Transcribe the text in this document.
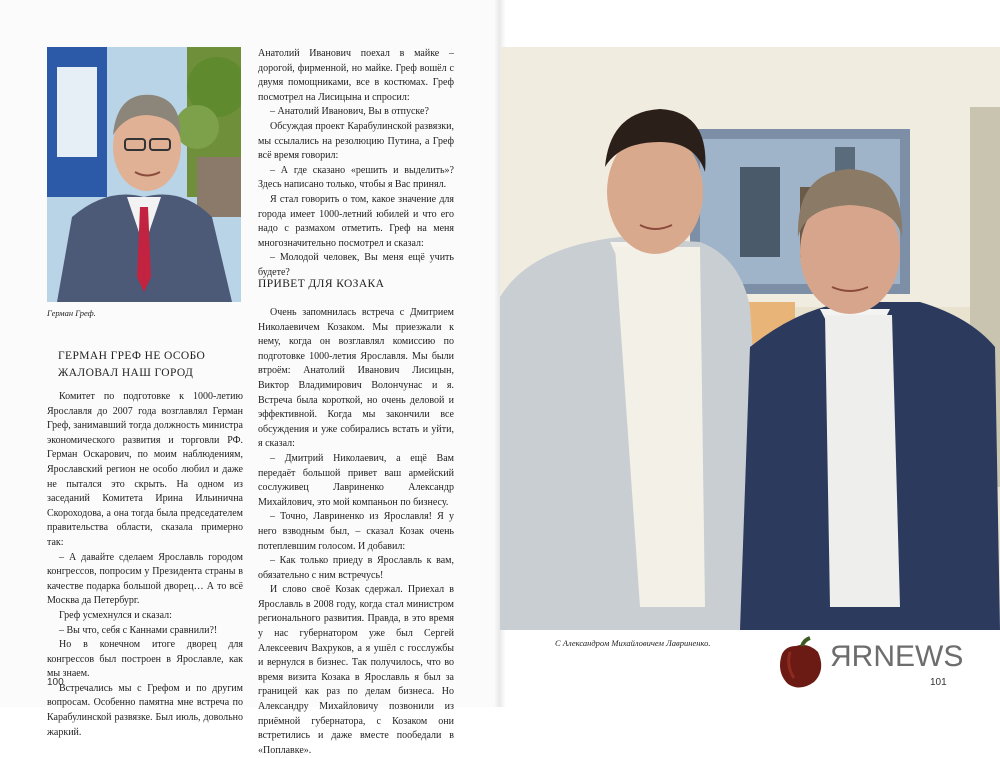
Герман Греф.
ГЕРМАН ГРЕФ НЕ ОСОБО
ЖАЛОВАЛ НАШ ГОРОД

Комитет по подготовке к 1000-летию Ярославля до 2007 года возглавлял Герман Греф, занимавший тогда должность министра экономического развития и торговли РФ. Герман Оскарович, по моим наблюдениям, Ярославский регион не особо любил и даже не пытался это скрыть. На одном из заседаний Комитета Ирина Ильинична Скороходова, а она тогда была председателем правительства области, сказала примерно так:

– А давайте сделаем Ярославль городом конгрессов, попросим у Президента страны в качестве подарка большой дворец… А то всё Москва да Петербург.

Греф усмехнулся и сказал:

– Вы что, себя с Каннами сравнили?!

Но в конечном итоге дворец для конгрессов был построен в Ярославле, как мы знаем.

Встречались мы с Грефом и по другим вопросам. Особенно памятна мне встреча по Карабулинской развязке. Был июль, довольно жаркий.

Анатолий Иванович поехал в майке – дорогой, фирменной, но майке. Греф вошёл с двумя помощниками, все в костюмах. Греф посмотрел на Лисицына и спросил:

– Анатолий Иванович, Вы в отпуске?

Обсуждая проект Карабулинской развязки, мы ссылались на резолюцию Путина, а Греф всё время говорил:

– А где сказано «решить и выделить»? Здесь написано только, чтобы я Вас принял.

Я стал говорить о том, какое значение для города имеет 1000-летний юбилей и что его надо с размахом отметить. Греф на меня многозначительно посмотрел и сказал:

– Молодой человек, Вы меня ещё учить будете?

ПРИВЕТ ДЛЯ КОЗАКА

Очень запомнилась встреча с Дмитрием Николаевичем Козаком. Мы приезжали к нему, когда он возглавлял комиссию по подготовке 1000-летия Ярославля. Мы были втроём: Анатолий Иванович Лисицын, Виктор Владимирович Волончунас и я. Встреча была короткой, но очень деловой и эффективной. Когда мы закончили все обсуждения и уже собирались встать и уйти, я сказал:

– Дмитрий Николаевич, а ещё Вам передаёт большой привет ваш армейский сослуживец Лавриненко Александр Михайлович, это мой компаньон по бизнесу.

– Точно, Лавриненко из Ярославля! Я у него взводным был, – сказал Козак очень потеплевшим голосом. И добавил:

– Как только приеду в Ярославль к вам, обязательно с ним встречусь!

И слово своё Козак сдержал. Приехал в Ярославль в 2008 году, когда стал министром регионального развития. Правда, в это время у нас губернатором уже был Сергей Алексеевич Вахруков, а я ушёл с госслужбы и вернулся в бизнес. Так получилось, что во время визита Козака в Ярославль я был за границей как раз по делам бизнеса. Но Александру Михайловичу позвонили из приёмной губернатора, с Козаком они встретились и даже вместе пообедали в «Поплавке».

С Александром Михайловичем Лавриненко.
100	101
ЯRNEWS
